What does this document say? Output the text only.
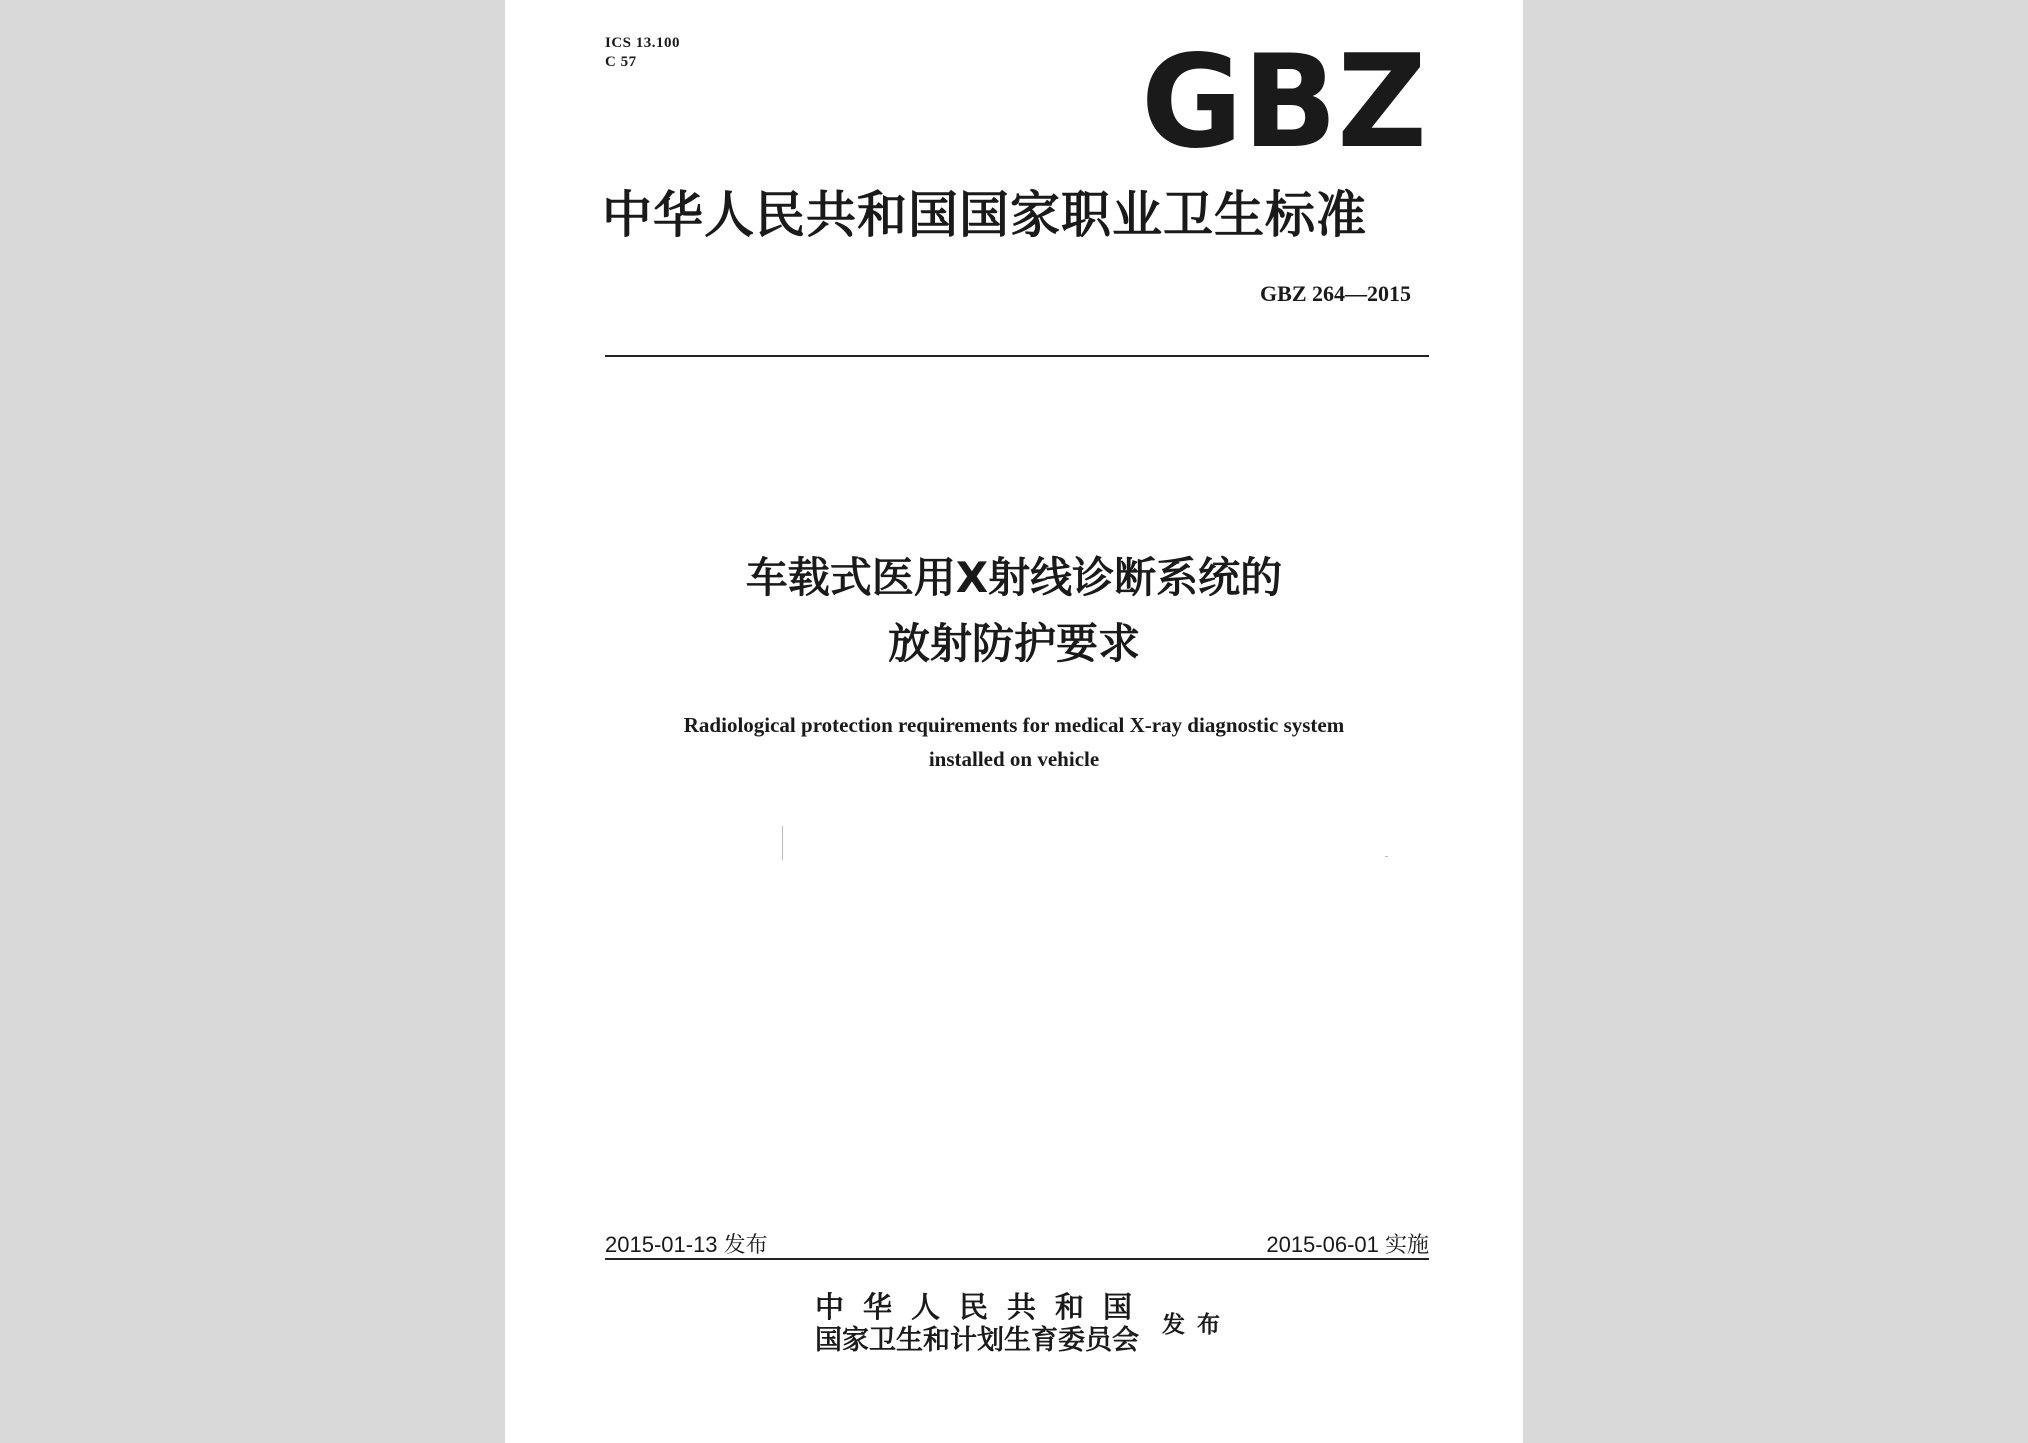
ICS 13.100
C 57	GBZ
中华人民共和国国家职业卫生标准
GBZ 264—2015
车载式医用X射线诊断系统的
放射防护要求
Radiological protection requirements for medical X-ray diagnostic system
installed on vehicle
2015-01-13 发布	2015-06-01 实施
中华人民共和国
国家卫生和计划生育委员会 发布
